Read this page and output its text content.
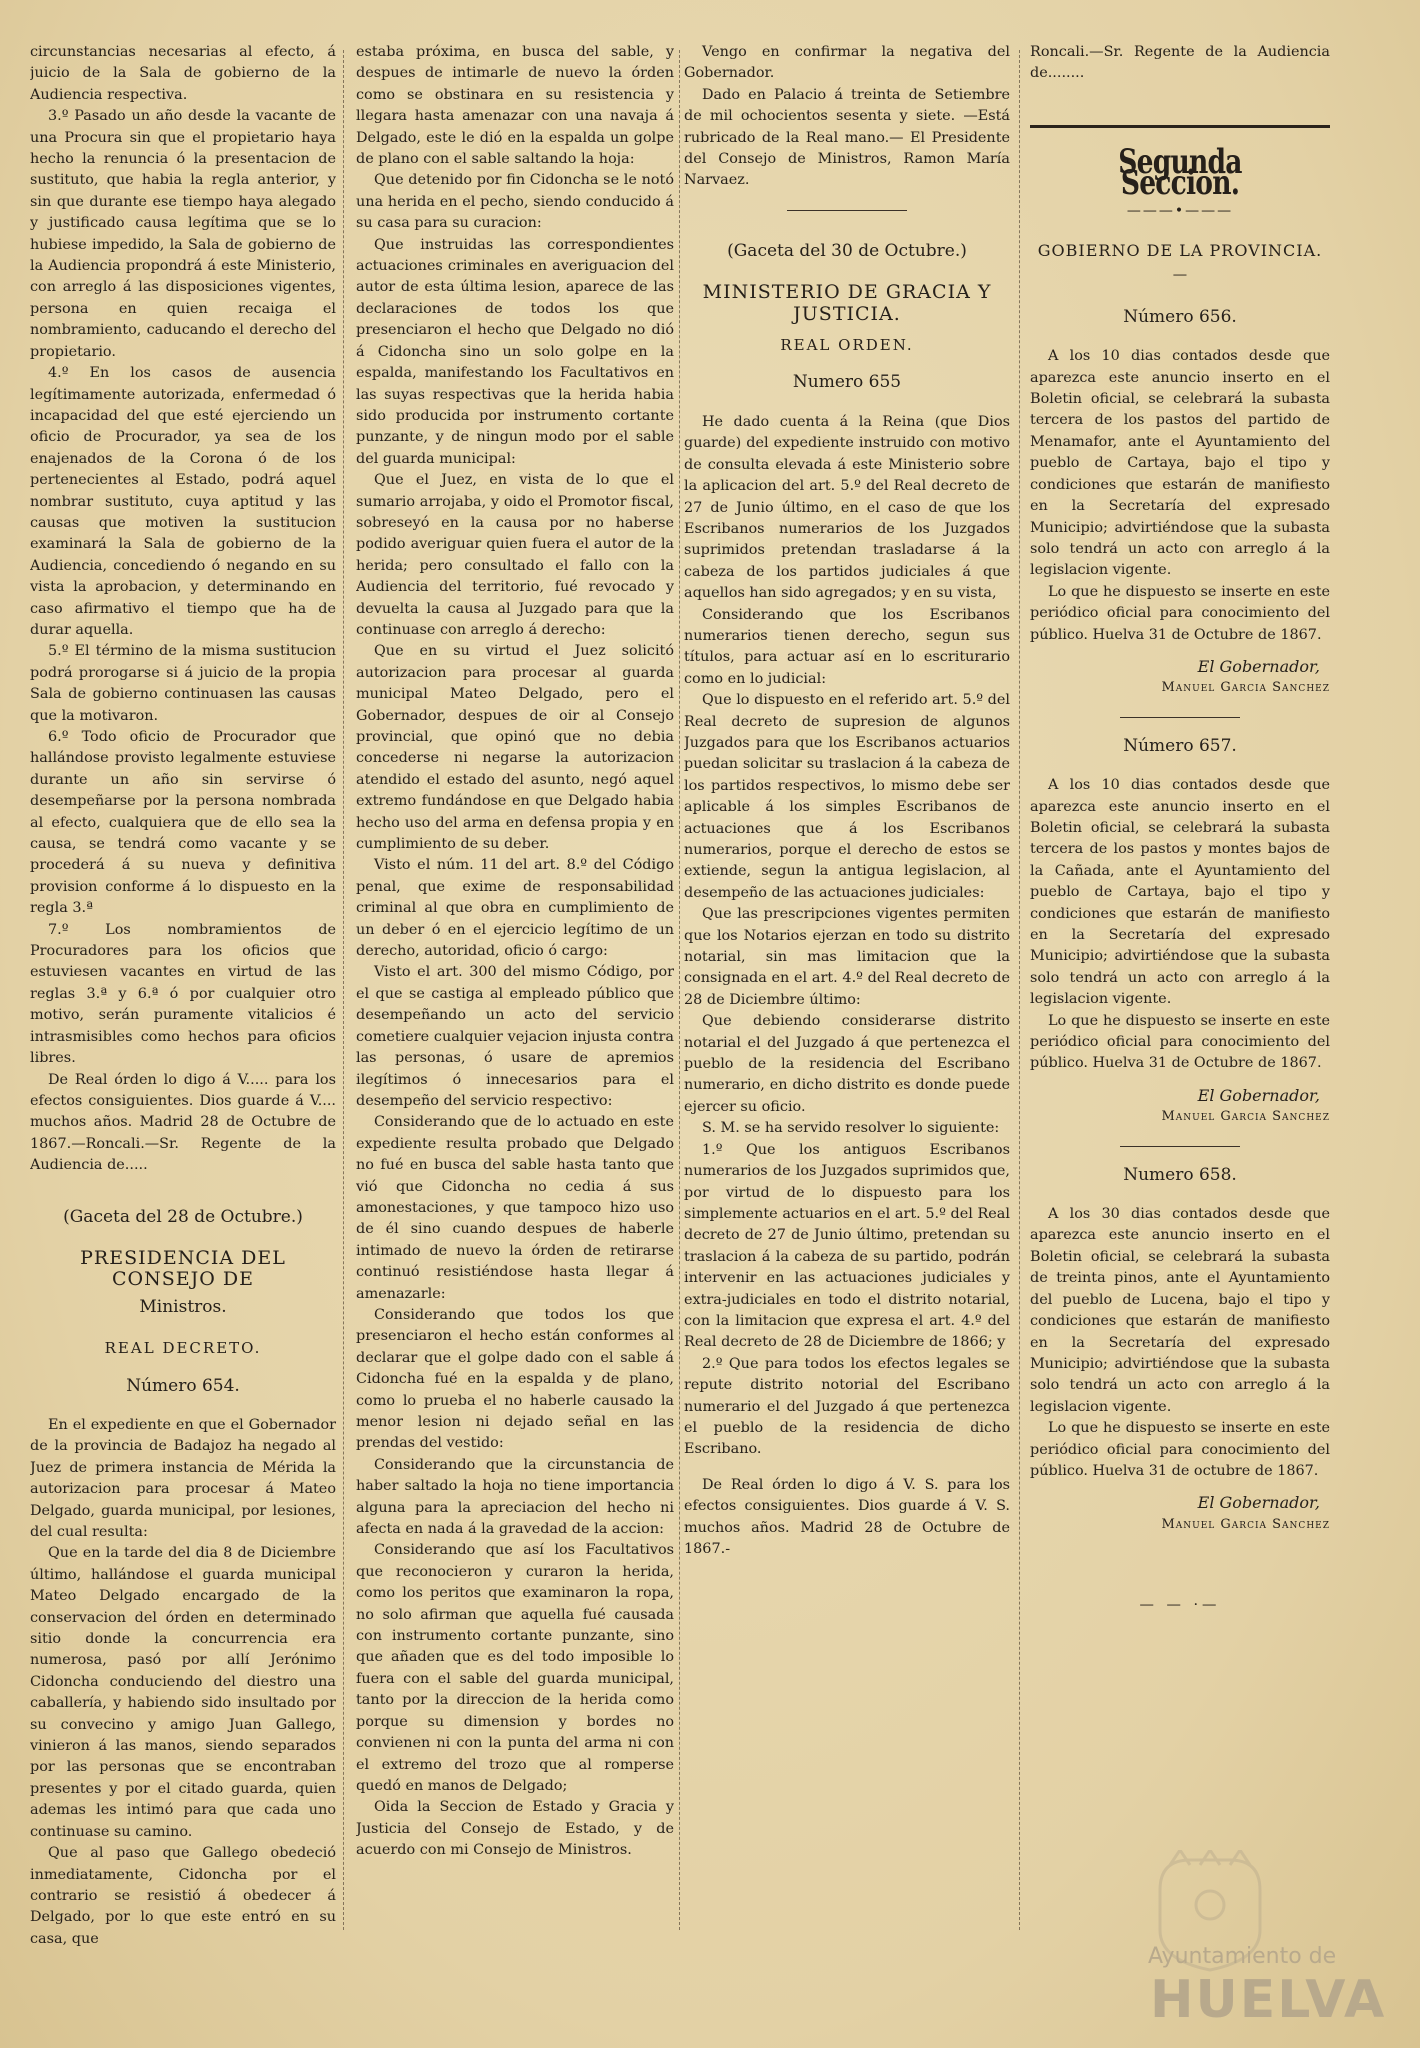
circunstancias necesarias al efecto, á juicio de la Sala de gobierno de la Audiencia respectiva.

3.º Pasado un año desde la vacante de una Procura sin que el propietario haya hecho la renuncia ó la presentacion de sustituto, que habia la regla anterior, y sin que durante ese tiempo haya alegado y justificado causa legítima que se lo hubiese impedido, la Sala de gobierno de la Audiencia propondrá á este Ministerio, con arreglo á las disposiciones vigentes, persona en quien recaiga el nombramiento, caducando el derecho del propietario.

4.º En los casos de ausencia legítimamente autorizada, enfermedad ó incapacidad del que esté ejerciendo un oficio de Procurador, ya sea de los enajenados de la Corona ó de los pertenecientes al Estado, podrá aquel nombrar sustituto, cuya aptitud y las causas que motiven la sustitucion examinará la Sala de gobierno de la Audiencia, concediendo ó negando en su vista la aprobacion, y determinando en caso afirmativo el tiempo que ha de durar aquella.

5.º El término de la misma sustitucion podrá prorogarse si á juicio de la propia Sala de gobierno continuasen las causas que la motivaron.

6.º Todo oficio de Procurador que hallándose provisto legalmente estuviese durante un año sin servirse ó desempeñarse por la persona nombrada al efecto, cualquiera que de ello sea la causa, se tendrá como vacante y se procederá á su nueva y definitiva provision conforme á lo dispuesto en la regla 3.ª

7.º Los nombramientos de Procuradores para los oficios que estuviesen vacantes en virtud de las reglas 3.ª y 6.ª ó por cualquier otro motivo, serán puramente vitalicios é intrasmisibles como hechos para oficios libres.

De Real órden lo digo á V..... para los efectos consiguientes. Dios guarde á V.... muchos años. Madrid 28 de Octubre de 1867.—Roncali.—Sr. Regente de la Audiencia de.....

(Gaceta del 28 de Octubre.)
PRESIDENCIA DEL CONSEJO DE
Ministros.
REAL DECRETO.
Número 654.

En el expediente en que el Gobernador de la provincia de Badajoz ha negado al Juez de primera instancia de Mérida la autorizacion para procesar á Mateo Delgado, guarda municipal, por lesiones, del cual resulta:

Que en la tarde del dia 8 de Diciembre último, hallándose el guarda municipal Mateo Delgado encargado de la conservacion del órden en determinado sitio donde la concurrencia era numerosa, pasó por allí Jerónimo Cidoncha conduciendo del diestro una caballería, y habiendo sido insultado por su convecino y amigo Juan Gallego, vinieron á las manos, siendo separados por las personas que se encontraban presentes y por el citado guarda, quien ademas les intimó para que cada uno continuase su camino.

Que al paso que Gallego obedeció inmediatamente, Cidoncha por el contrario se resistió á obedecer á Delgado, por lo que este entró en su casa, que

estaba próxima, en busca del sable, y despues de intimarle de nuevo la órden como se obstinara en su resistencia y llegara hasta amenazar con una navaja á Delgado, este le dió en la espalda un golpe de plano con el sable saltando la hoja:

Que detenido por fin Cidoncha se le notó una herida en el pecho, siendo conducido á su casa para su curacion:

Que instruidas las correspondientes actuaciones criminales en averiguacion del autor de esta última lesion, aparece de las declaraciones de todos los que presenciaron el hecho que Delgado no dió á Cidoncha sino un solo golpe en la espalda, manifestando los Facultativos en las suyas respectivas que la herida habia sido producida por instrumento cortante punzante, y de ningun modo por el sable del guarda municipal:

Que el Juez, en vista de lo que el sumario arrojaba, y oido el Promotor fiscal, sobreseyó en la causa por no haberse podido averiguar quien fuera el autor de la herida; pero consultado el fallo con la Audiencia del territorio, fué revocado y devuelta la causa al Juzgado para que la continuase con arreglo á derecho:

Que en su virtud el Juez solicitó autorizacion para procesar al guarda municipal Mateo Delgado, pero el Gobernador, despues de oir al Consejo provincial, que opinó que no debia concederse ni negarse la autorizacion atendido el estado del asunto, negó aquel extremo fundándose en que Delgado habia hecho uso del arma en defensa propia y en cumplimiento de su deber.

Visto el núm. 11 del art. 8.º del Código penal, que exime de responsabilidad criminal al que obra en cumplimiento de un deber ó en el ejercicio legítimo de un derecho, autoridad, oficio ó cargo:

Visto el art. 300 del mismo Código, por el que se castiga al empleado público que desempeñando un acto del servicio cometiere cualquier vejacion injusta contra las personas, ó usare de apremios ilegítimos ó innecesarios para el desempeño del servicio respectivo:

Considerando que de lo actuado en este expediente resulta probado que Delgado no fué en busca del sable hasta tanto que vió que Cidoncha no cedia á sus amonestaciones, y que tampoco hizo uso de él sino cuando despues de haberle intimado de nuevo la órden de retirarse continuó resistiéndose hasta llegar á amenazarle:

Considerando que todos los que presenciaron el hecho están conformes al declarar que el golpe dado con el sable á Cidoncha fué en la espalda y de plano, como lo prueba el no haberle causado la menor lesion ni dejado señal en las prendas del vestido:

Considerando que la circunstancia de haber saltado la hoja no tiene importancia alguna para la apreciacion del hecho ni afecta en nada á la gravedad de la accion:

Considerando que así los Facultativos que reconocieron y curaron la herida, como los peritos que examinaron la ropa, no solo afirman que aquella fué causada con instrumento cortante punzante, sino que añaden que es del todo imposible lo fuera con el sable del guarda municipal, tanto por la direccion de la herida como porque su dimension y bordes no convienen ni con la punta del arma ni con el extremo del trozo que al romperse quedó en manos de Delgado;

Oida la Seccion de Estado y Gracia y Justicia del Consejo de Estado, y de acuerdo con mi Consejo de Ministros.

Vengo en confirmar la negativa del Gobernador.

Dado en Palacio á treinta de Setiembre de mil ochocientos sesenta y siete. —Está rubricado de la Real mano.— El Presidente del Consejo de Ministros, Ramon María Narvaez.

(Gaceta del 30 de Octubre.)
MINISTERIO DE GRACIA Y JUSTICIA.
REAL ORDEN.
Numero 655

He dado cuenta á la Reina (que Dios guarde) del expediente instruido con motivo de consulta elevada á este Ministerio sobre la aplicacion del art. 5.º del Real decreto de 27 de Junio último, en el caso de que los Escribanos numerarios de los Juzgados suprimidos pretendan trasladarse á la cabeza de los partidos judiciales á que aquellos han sido agregados; y en su vista,

Considerando que los Escribanos numerarios tienen derecho, segun sus títulos, para actuar así en lo escriturario como en lo judicial:

Que lo dispuesto en el referido art. 5.º del Real decreto de supresion de algunos Juzgados para que los Escribanos actuarios puedan solicitar su traslacion á la cabeza de los partidos respectivos, lo mismo debe ser aplicable á los simples Escribanos de actuaciones que á los Escribanos numerarios, porque el derecho de estos se extiende, segun la antigua legislacion, al desempeño de las actuaciones judiciales:

Que las prescripciones vigentes permiten que los Notarios ejerzan en todo su distrito notarial, sin mas limitacion que la consignada en el art. 4.º del Real decreto de 28 de Diciembre último:

Que debiendo considerarse distrito notarial el del Juzgado á que pertenezca el pueblo de la residencia del Escribano numerario, en dicho distrito es donde puede ejercer su oficio.

S. M. se ha servido resolver lo siguiente:

1.º Que los antiguos Escribanos numerarios de los Juzgados suprimidos que, por virtud de lo dispuesto para los simplemente actuarios en el art. 5.º del Real decreto de 27 de Junio último, pretendan su traslacion á la cabeza de su partido, podrán intervenir en las actuaciones judiciales y extra-judiciales en todo el distrito notarial, con la limitacion que expresa el art. 4.º del Real decreto de 28 de Diciembre de 1866; y

2.º Que para todos los efectos legales se repute distrito notorial del Escribano numerario el del Juzgado á que pertenezca el pueblo de la residencia de dicho Escribano.

De Real órden lo digo á V. S. para los efectos consiguientes. Dios guarde á V. S. muchos años. Madrid 28 de Octubre de 1867.-

Roncali.—Sr. Regente de la Audiencia de........

Segunda Seccion.
———•———
GOBIERNO DE LA PROVINCIA.
—
Número 656.

A los 10 dias contados desde que aparezca este anuncio inserto en el Boletin oficial, se celebrará la subasta tercera de los pastos del partido de Menamafor, ante el Ayuntamiento del pueblo de Cartaya, bajo el tipo y condiciones que estarán de manifiesto en la Secretaría del expresado Municipio; advirtiéndose que la subasta solo tendrá un acto con arreglo á la legislacion vigente.

Lo que he dispuesto se inserte en este periódico oficial para conocimiento del público. Huelva 31 de Octubre de 1867.

El Gobernador,
Manuel Garcia Sanchez
Número 657.

A los 10 dias contados desde que aparezca este anuncio inserto en el Boletin oficial, se celebrará la subasta tercera de los pastos y montes bajos de la Cañada, ante el Ayuntamiento del pueblo de Cartaya, bajo el tipo y condiciones que estarán de manifiesto en la Secretaría del expresado Municipio; advirtiéndose que la subasta solo tendrá un acto con arreglo á la legislacion vigente.

Lo que he dispuesto se inserte en este periódico oficial para conocimiento del público. Huelva 31 de Octubre de 1867.

El Gobernador,
Manuel Garcia Sanchez
Numero 658.

A los 30 dias contados desde que aparezca este anuncio inserto en el Boletin oficial, se celebrará la subasta de treinta pinos, ante el Ayuntamiento del pueblo de Lucena, bajo el tipo y condiciones que estarán de manifiesto en la Secretaría del expresado Municipio; advirtiéndose que la subasta solo tendrá un acto con arreglo á la legislacion vigente.

Lo que he dispuesto se inserte en este periódico oficial para conocimiento del público. Huelva 31 de octubre de 1867.

El Gobernador,
Manuel Garcia Sanchez
— — ·—
Ayuntamiento de
HUELVA
